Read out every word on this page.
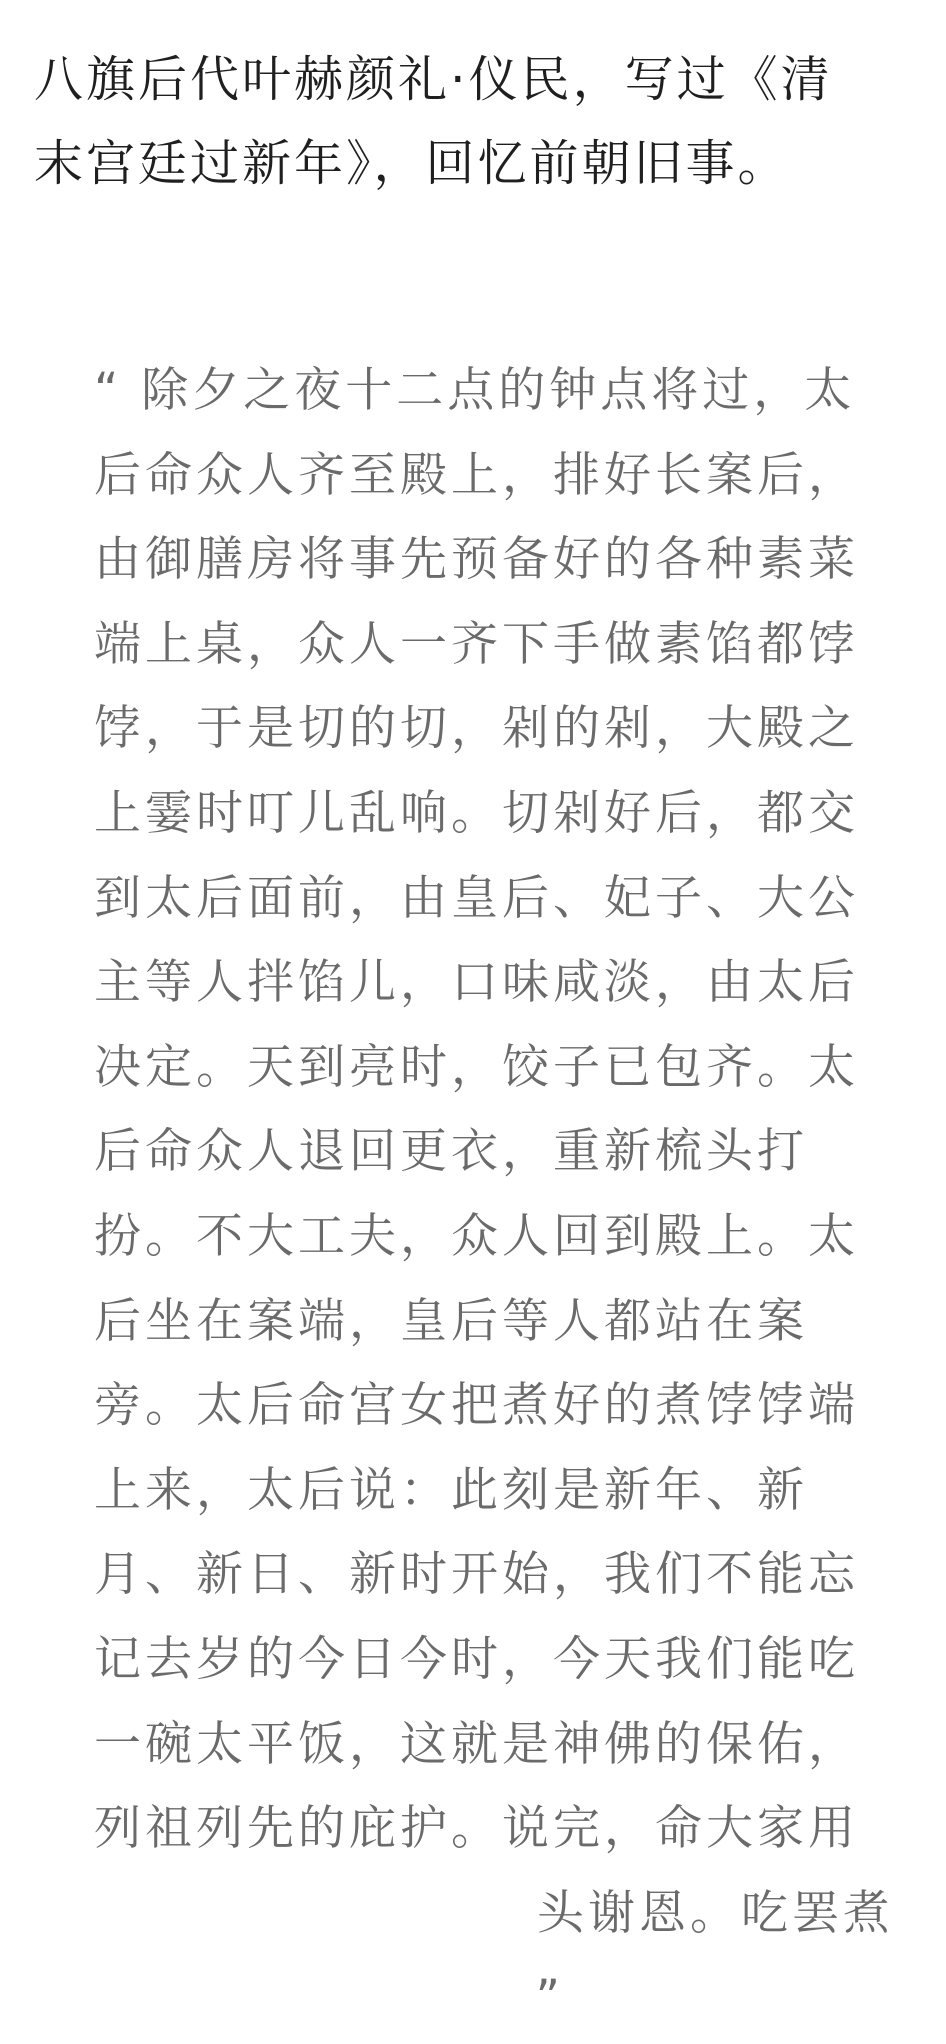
八旗后代叶赫颜礼·仪民，写过《清
末宫廷过新年》，回忆前朝旧事。
“ 除夕之夜十二点的钟点将过，太
后命众人齐至殿上，排好长案后，
由御膳房将事先预备好的各种素菜
端上桌，众人一齐下手做素馅都饽
饽，于是切的切，剁的剁，大殿之
上霎时叮儿乱响。切剁好后，都交
到太后面前，由皇后、妃子、大公
主等人拌馅儿，口味咸淡，由太后
决定。天到亮时，饺子已包齐。太
后命众人退回更衣，重新梳头打
扮。不大工夫，众人回到殿上。太
后坐在案端，皇后等人都站在案
旁。太后命宫女把煮好的煮饽饽端
上来，太后说：此刻是新年、新
月、新日、新时开始，我们不能忘
记去岁的今日今时，今天我们能吃
一碗太平饭，这就是神佛的保佑，
列祖列先的庇护。说完，命大家用
头谢恩。吃罢煮
”
